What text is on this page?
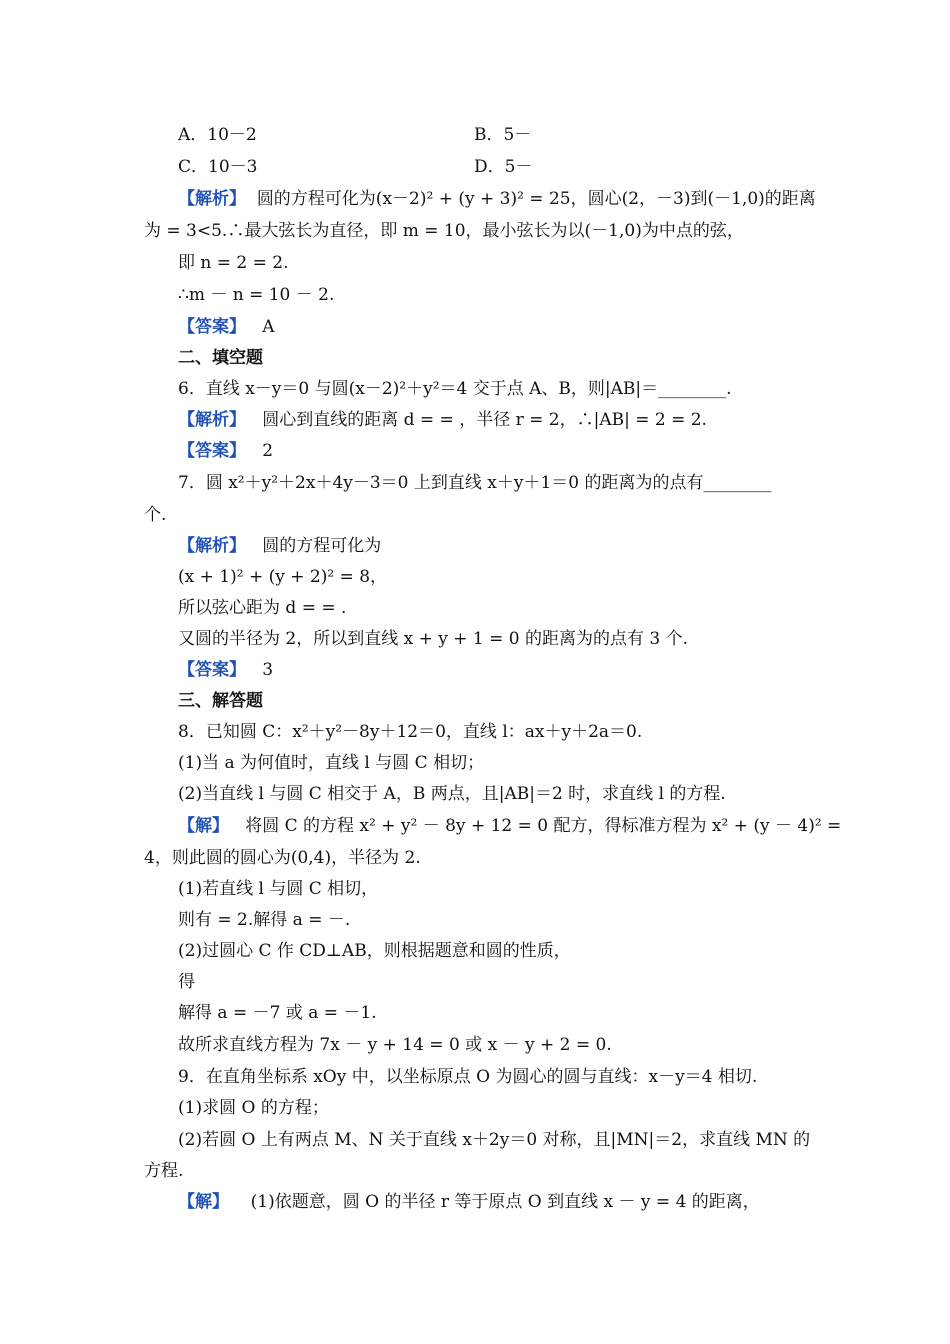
A．10－2	B．5－
C．10－3	D．5－
【解析】 圆的方程可化为(x－2)² + (y + 3)² = 25，圆心(2，－3)到(－1,0)的距离
为 = 3<5.∴最大弦长为直径，即 m = 10，最小弦长为以(－1,0)为中点的弦，
即 n = 2 = 2.
∴m － n = 10 － 2.
【答案】 A
二、填空题
6．直线 x－y＝0 与圆(x－2)²＋y²＝4 交于点 A、B，则|AB|＝________.
【解析】 圆心到直线的距离 d = = ，半径 r = 2，∴|AB| = 2 = 2.
【答案】 2
7．圆 x²＋y²＋2x＋4y－3＝0 上到直线 x＋y＋1＝0 的距离为的点有________
个.
【解析】 圆的方程可化为
(x + 1)² + (y + 2)² = 8，
所以弦心距为 d = = .
又圆的半径为 2，所以到直线 x + y + 1 = 0 的距离为的点有 3 个.
【答案】 3
三、解答题
8．已知圆 C：x²＋y²－8y＋12＝0，直线 l：ax＋y＋2a＝0.
(1)当 a 为何值时，直线 l 与圆 C 相切；
(2)当直线 l 与圆 C 相交于 A，B 两点，且|AB|＝2 时，求直线 l 的方程.
【解】 将圆 C 的方程 x² + y² － 8y + 12 = 0 配方，得标准方程为 x² + (y － 4)² =
4，则此圆的圆心为(0,4)，半径为 2.
(1)若直线 l 与圆 C 相切，
则有 = 2.解得 a = －.
(2)过圆心 C 作 CD⊥AB，则根据题意和圆的性质，
得
解得 a = －7 或 a = －1.
故所求直线方程为 7x － y + 14 = 0 或 x － y + 2 = 0.
9．在直角坐标系 xOy 中，以坐标原点 O 为圆心的圆与直线：x－y＝4 相切.
(1)求圆 O 的方程；
(2)若圆 O 上有两点 M、N 关于直线 x＋2y＝0 对称，且|MN|＝2，求直线 MN 的
方程.
【解】 (1)依题意，圆 O 的半径 r 等于原点 O 到直线 x － y = 4 的距离，
